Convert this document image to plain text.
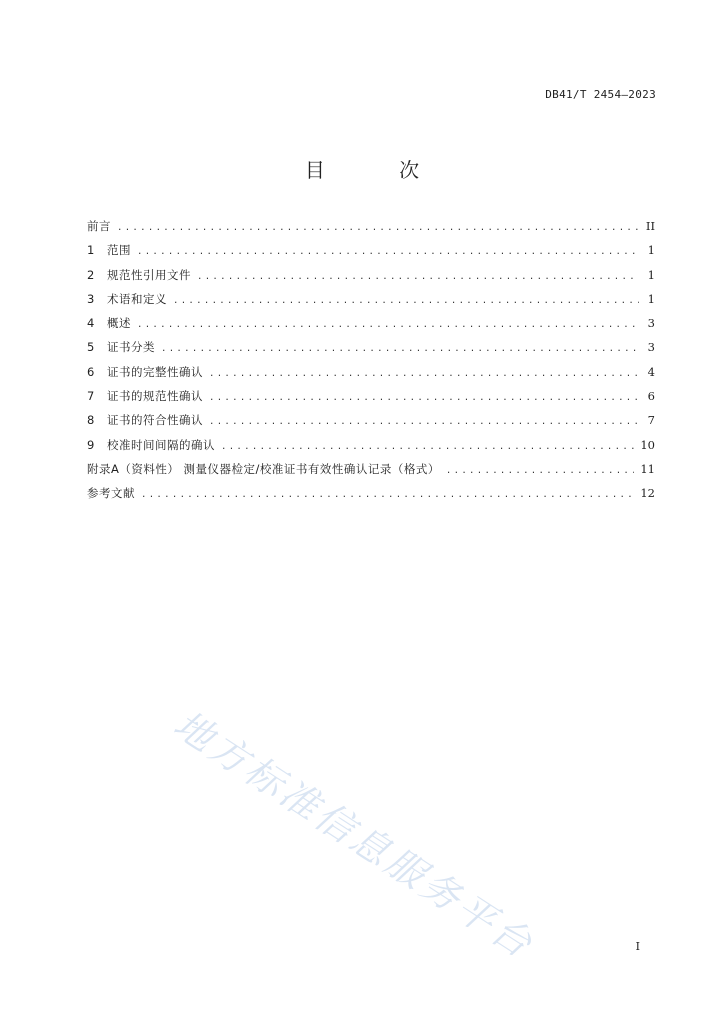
DB41/T 2454—2023
目 次
前言 .....	II
1	范围 .....	1
2	规范性引用文件 .....	1
3	术语和定义 .....	1
4	概述 .....	3
5	证书分类 .....	3
6	证书的完整性确认 .....	4
7	证书的规范性确认 .....	6
8	证书的符合性确认 .....	7
9	校准时间间隔的确认 .....	10
附录A（资料性） 测量仪器检定/校准证书有效性确认记录（格式） .....	11
参考文献 .....	12
地方标准信息服务平台	I
